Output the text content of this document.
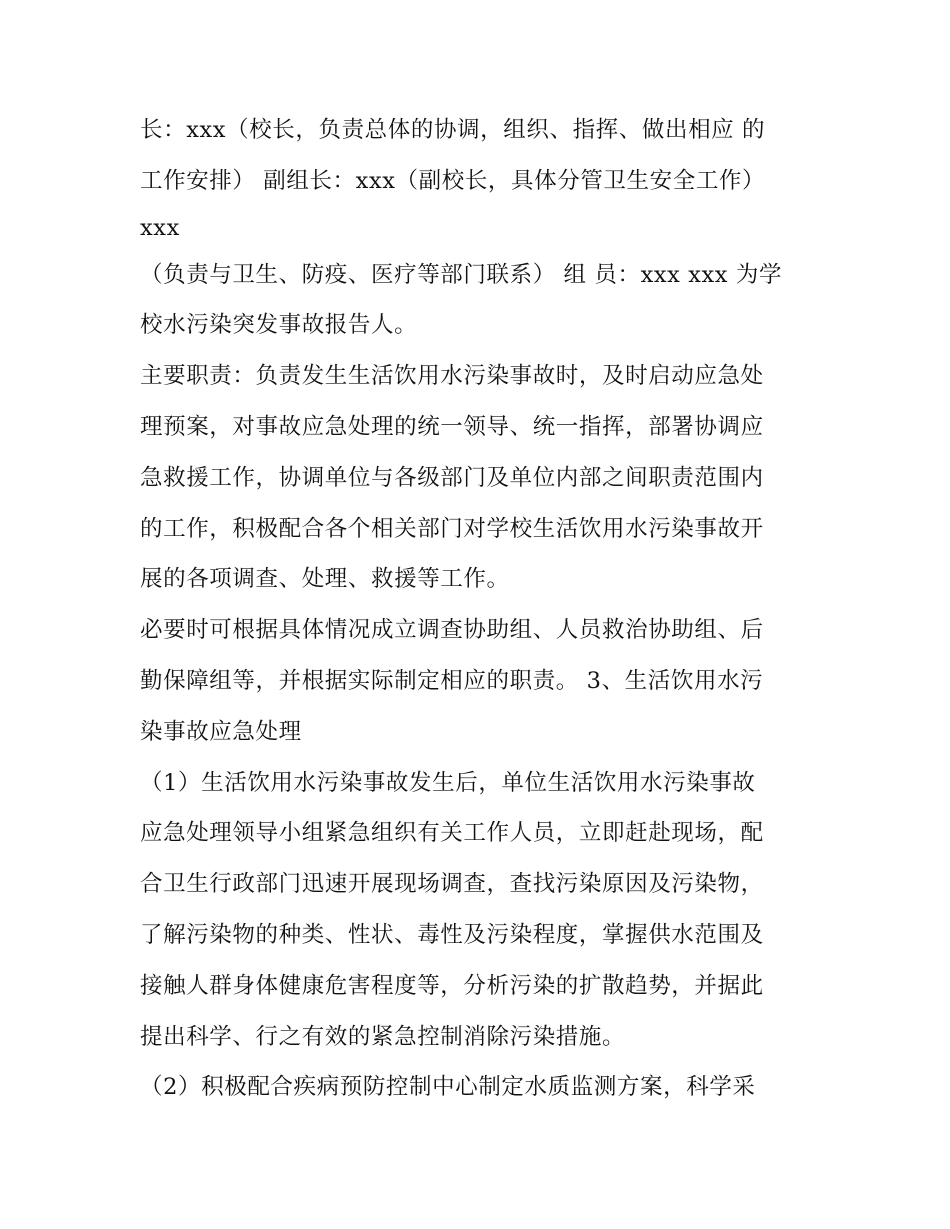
长：xxx（校长，负责总体的协调，组织、指挥、做出相应 的
工作安排） 副组长：xxx（副校长，具体分管卫生安全工作）
xxx
（负责与卫生、防疫、医疗等部门联系） 组 员：xxx xxx 为学
校水污染突发事故报告人。
主要职责：负责发生生活饮用水污染事故时，及时启动应急处
理预案，对事故应急处理的统一领导、统一指挥，部署协调应
急救援工作，协调单位与各级部门及单位内部之间职责范围内
的工作，积极配合各个相关部门对学校生活饮用水污染事故开
展的各项调查、处理、救援等工作。
必要时可根据具体情况成立调查协助组、人员救治协助组、后
勤保障组等，并根据实际制定相应的职责。 3、生活饮用水污
染事故应急处理
（1）生活饮用水污染事故发生后，单位生活饮用水污染事故
应急处理领导小组紧急组织有关工作人员，立即赶赴现场，配
合卫生行政部门迅速开展现场调查，查找污染原因及污染物，
了解污染物的种类、性状、毒性及污染程度，掌握供水范围及
接触人群身体健康危害程度等，分析污染的扩散趋势，并据此
提出科学、行之有效的紧急控制消除污染措施。
（2）积极配合疾病预防控制中心制定水质监测方案，科学采
